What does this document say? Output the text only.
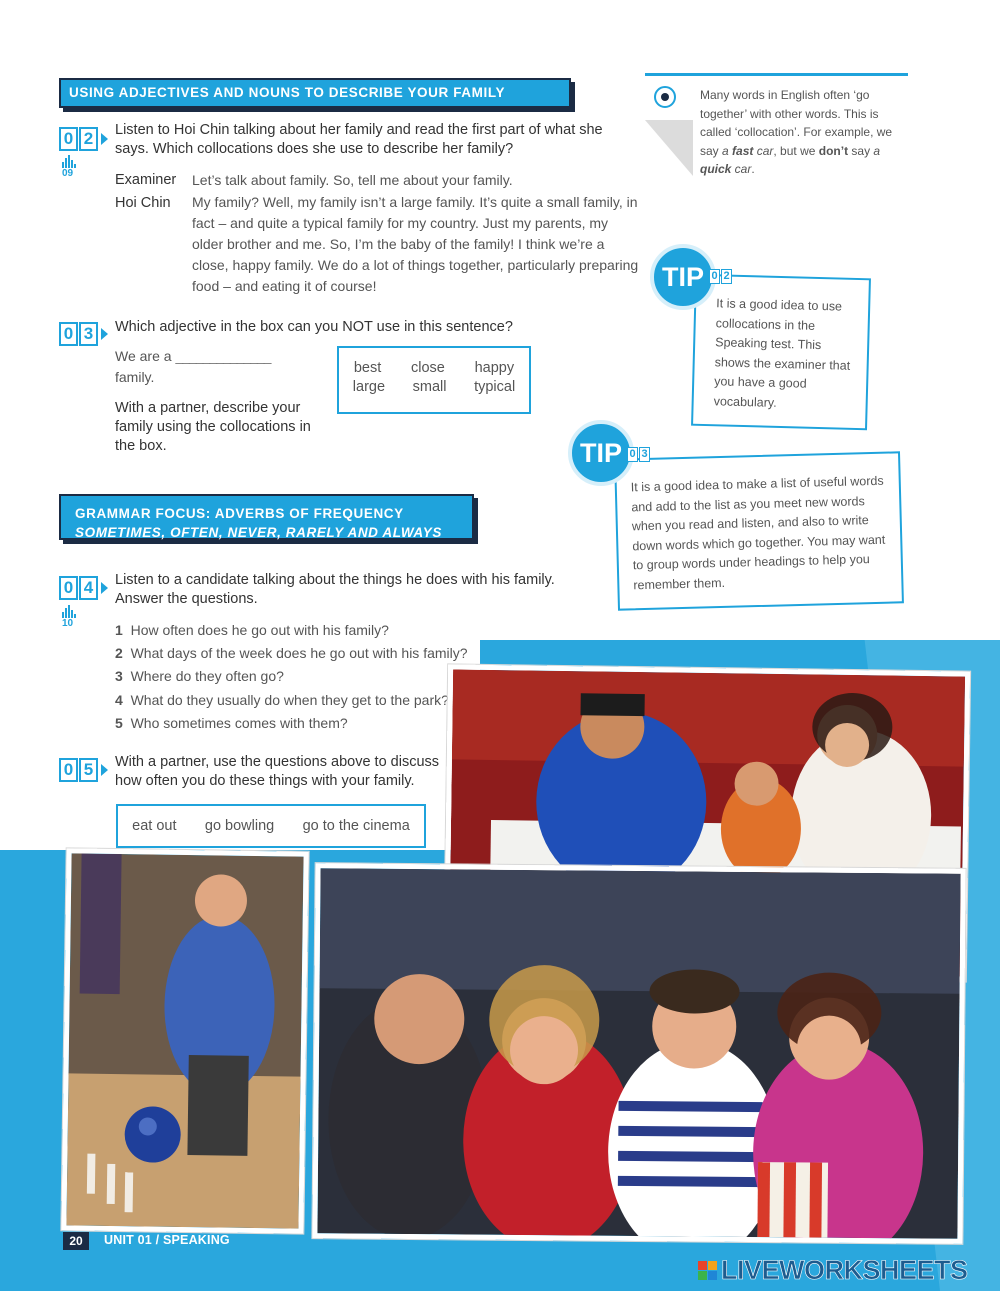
USING ADJECTIVES AND NOUNS TO DESCRIBE YOUR FAMILY
0 2
09
Listen to Hoi Chin talking about her family and read the first part of what she says. Which collocations does she use to describe her family?
Examiner Let’s talk about family. So, tell me about your family.
Hoi Chin My family? Well, my family isn’t a large family. It’s quite a small family, in fact – and quite a typical family for my country. Just my parents, my older brother and me. So, I’m the baby of the family! I think we’re a close, happy family. We do a lot of things together, particularly preparing food – and eating it of course!
0 3	Which adjective in the box can you NOT use in this sentence?
We are a ______________
family.
With a partner, describe your family using the collocations in the box.
best close happy
large small typical
Many words in English often ‘go together’ with other words. This is called ‘collocation’. For example, we say a fast car, but we don’t say a quick car.
It is a good idea to use collocations in the Speaking test. This shows the examiner that you have a good vocabulary.
TIP 0 2
It is a good idea to make a list of useful words and add to the list as you meet new words when you read and listen, and also to write down words which go together. You may want to group words under headings to help you remember them.
TIP 0 3
GRAMMAR FOCUS: ADVERBS OF FREQUENCY
SOMETIMES, OFTEN, NEVER, RARELY AND ALWAYS
0 4
10
Listen to a candidate talking about the things he does with his family. Answer the questions.
1 How often does he go out with his family?
2 What days of the week does he go out with his family?
3 Where do they often go?
4 What do they usually do when they get to the park?
5 Who sometimes comes with them?
0 5	With a partner, use the questions above to discuss how often you do these things with your family.
eat out go bowling go to the cinema
20	UNIT 01 / SPEAKING
LIVEWORKSHEETS
